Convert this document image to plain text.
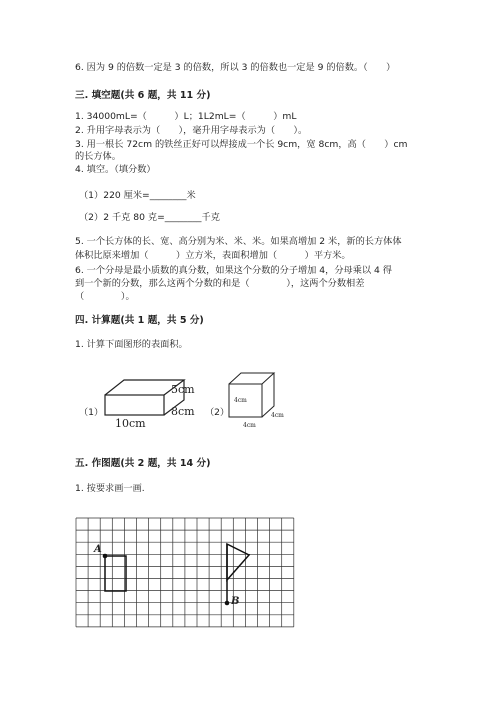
6. 因为 9 的倍数一定是 3 的倍数，所以 3 的倍数也一定是 9 的倍数。（　　）
三. 填空题(共 6 题，共 11 分)
1. 34000mL=（　　　）L；1L2mL=（　　　）mL
2. 升用字母表示为（　　），毫升用字母表示为（　　）。
3. 用一根长 72cm 的铁丝正好可以焊接成一个长 9cm，宽 8cm，高（　　）cm
的长方体。
4. 填空。（填分数）
（1）220 厘米=________米
（2）2 千克 80 克=________千克
5. 一个长方体的长、宽、高分别为米、米、米。如果高增加 2 米，新的长方体体
体积比原来增加（　　　）立方米，表面积增加（　　　）平方米。
6. 一个分母是最小质数的真分数，如果这个分数的分子增加 4，分母乘以 4 得
到一个新的分数，那么这两个分数的和是（　　　　），这两个分数相差
（　　　　）。
四. 计算题(共 1 题，共 5 分)
1. 计算下面图形的表面积。
（1）
5cm
8cm
10cm
（2）
4cm
4cm
4cm
五. 作图题(共 2 题，共 14 分)
1. 按要求画一画.
A
B
